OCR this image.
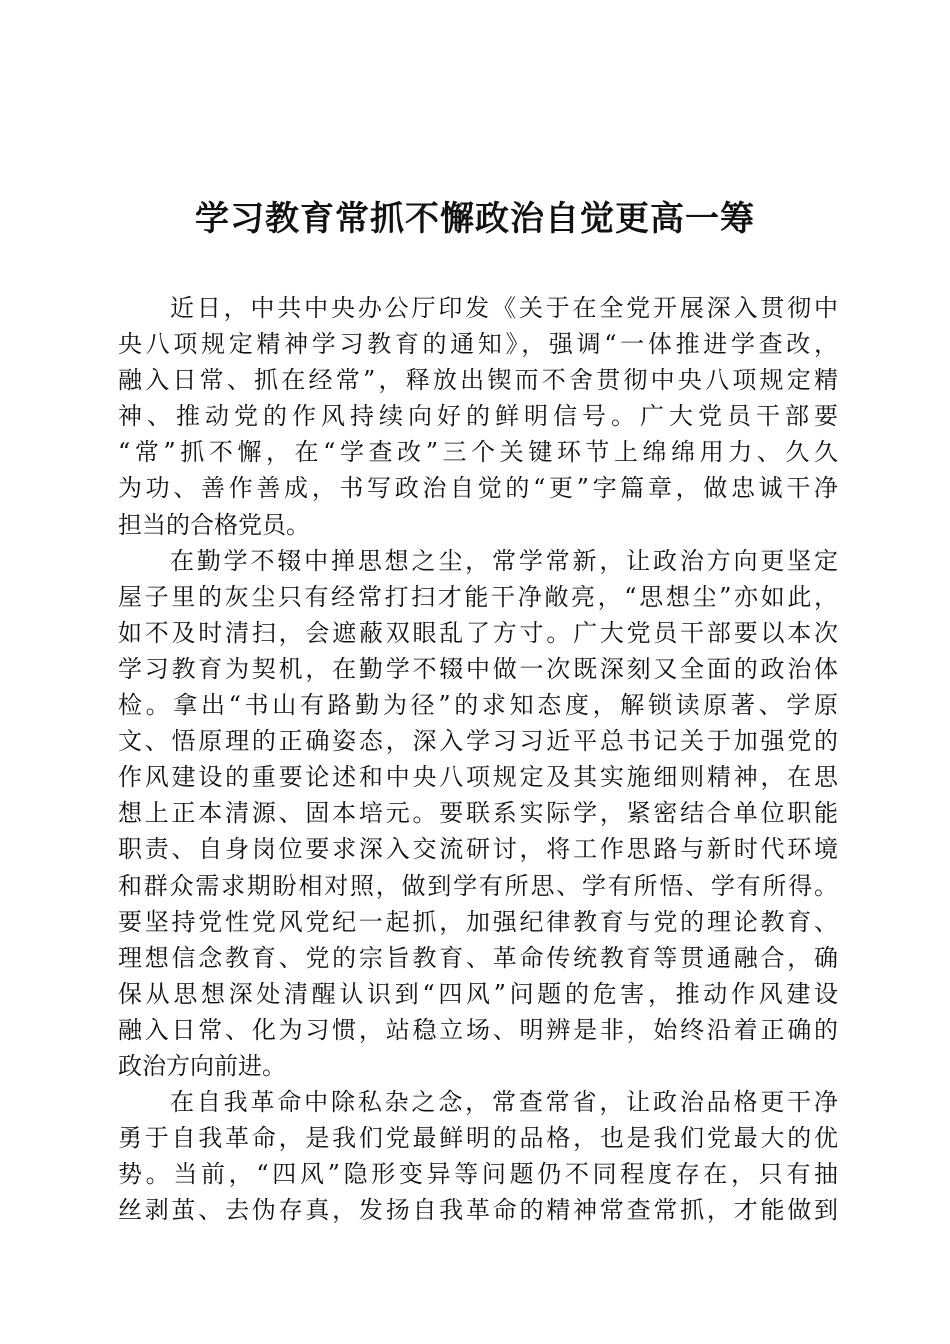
学习教育常抓不懈政治自觉更高一筹
近日，中共中央办公厅印发《关于在全党开展深入贯彻中
央八项规定精神学习教育的通知》，强调“一体推进学查改，
融入日常、抓在经常”，释放出锲而不舍贯彻中央八项规定精
神、推动党的作风持续向好的鲜明信号。广大党员干部要
“常”抓不懈，在“学查改”三个关键环节上绵绵用力、久久
为功、善作善成，书写政治自觉的“更”字篇章，做忠诚干净
担当的合格党员。
在勤学不辍中掸思想之尘，常学常新，让政治方向更坚定
屋子里的灰尘只有经常打扫才能干净敞亮，“思想尘”亦如此，
如不及时清扫，会遮蔽双眼乱了方寸。广大党员干部要以本次
学习教育为契机，在勤学不辍中做一次既深刻又全面的政治体
检。拿出“书山有路勤为径”的求知态度，解锁读原著、学原
文、悟原理的正确姿态，深入学习习近平总书记关于加强党的
作风建设的重要论述和中央八项规定及其实施细则精神，在思
想上正本清源、固本培元。要联系实际学，紧密结合单位职能
职责、自身岗位要求深入交流研讨，将工作思路与新时代环境
和群众需求期盼相对照，做到学有所思、学有所悟、学有所得。
要坚持党性党风党纪一起抓，加强纪律教育与党的理论教育、
理想信念教育、党的宗旨教育、革命传统教育等贯通融合，确
保从思想深处清醒认识到“四风”问题的危害，推动作风建设
融入日常、化为习惯，站稳立场、明辨是非，始终沿着正确的
政治方向前进。
在自我革命中除私杂之念，常查常省，让政治品格更干净
勇于自我革命，是我们党最鲜明的品格，也是我们党最大的优
势。当前，“四风”隐形变异等问题仍不同程度存在，只有抽
丝剥茧、去伪存真，发扬自我革命的精神常查常抓，才能做到
